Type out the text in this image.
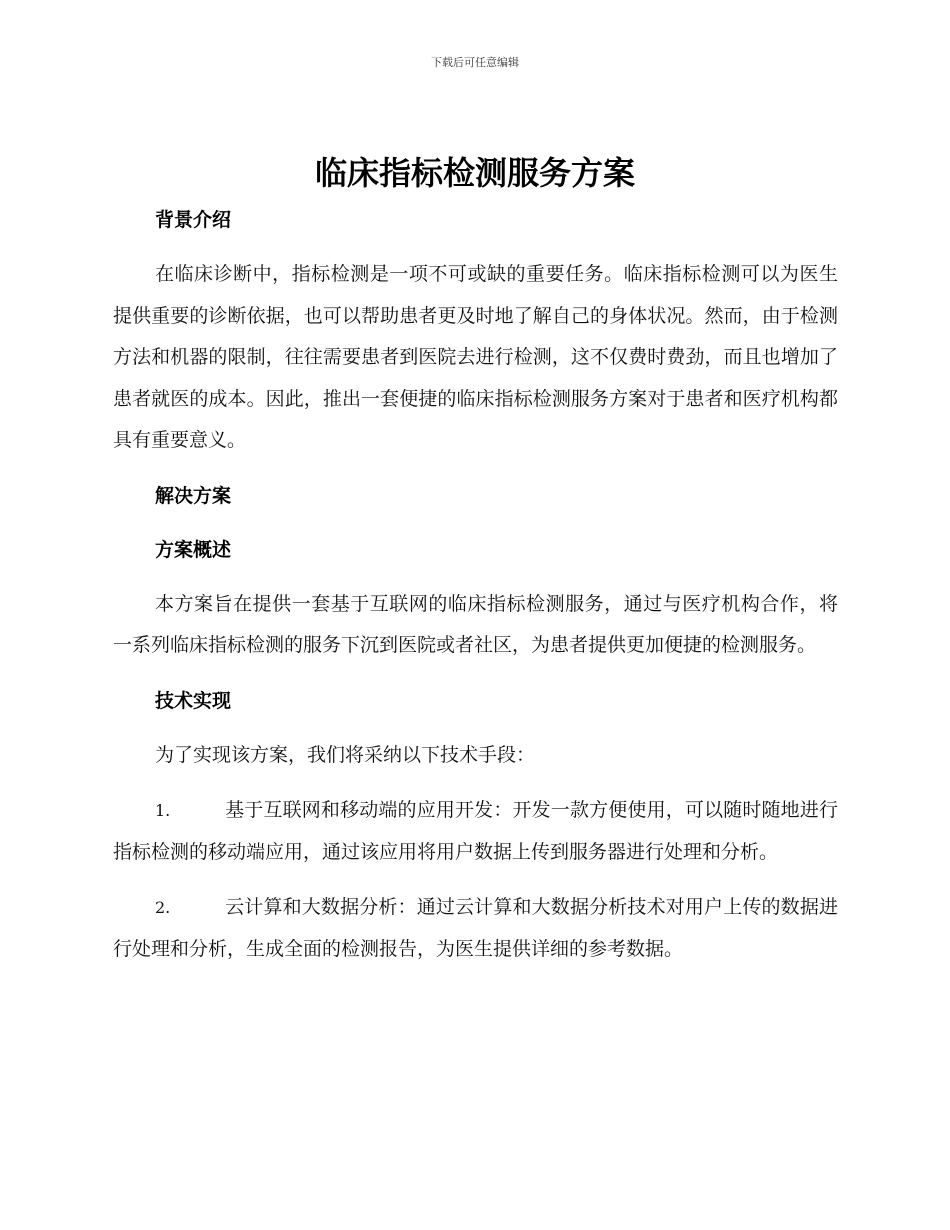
下载后可任意编辑
临床指标检测服务方案

背景介绍

在临床诊断中，指标检测是一项不可或缺的重要任务。临床指标检测可以为医生提供重要的诊断依据，也可以帮助患者更及时地了解自己的身体状况。然而，由于检测方法和机器的限制，往往需要患者到医院去进行检测，这不仅费时费劲，而且也增加了患者就医的成本。因此，推出一套便捷的临床指标检测服务方案对于患者和医疗机构都具有重要意义。

解决方案

方案概述

本方案旨在提供一套基于互联网的临床指标检测服务，通过与医疗机构合作，将一系列临床指标检测的服务下沉到医院或者社区，为患者提供更加便捷的检测服务。

技术实现

为了实现该方案，我们将采纳以下技术手段：

1.	基于互联网和移动端的应用开发：开发一款方便使用，可以随时随地进行指标检测的移动端应用，通过该应用将用户数据上传到服务器进行处理和分析。

2.	云计算和大数据分析：通过云计算和大数据分析技术对用户上传的数据进行处理和分析，生成全面的检测报告，为医生提供详细的参考数据。
